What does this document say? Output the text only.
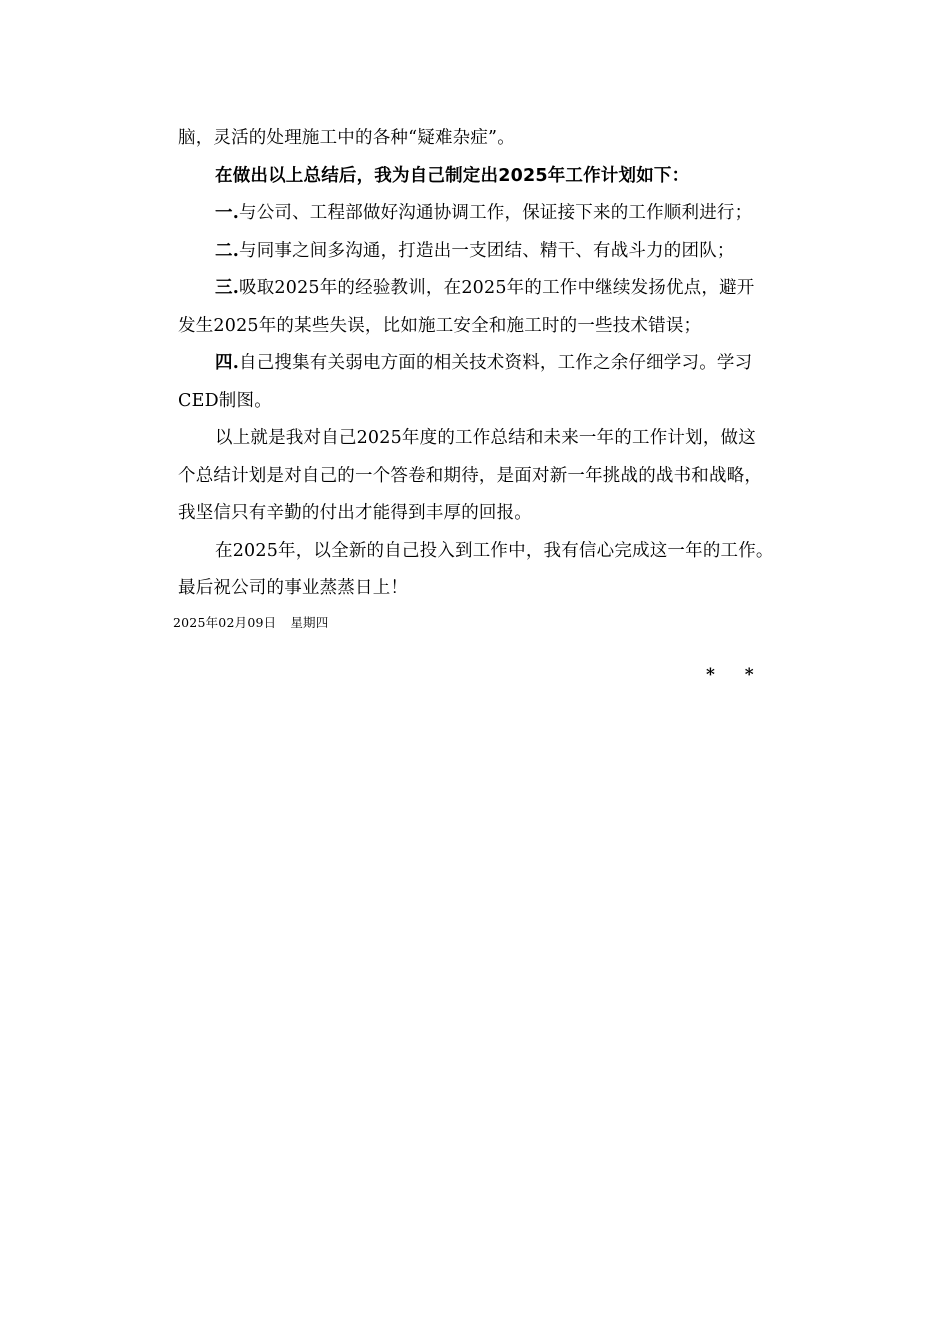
脑，灵活的处理施工中的各种“疑难杂症”。
在做出以上总结后，我为自己制定出2025年工作计划如下：
一.与公司、工程部做好沟通协调工作，保证接下来的工作顺利进行；
二.与同事之间多沟通，打造出一支团结、精干、有战斗力的团队；
三.吸取2025年的经验教训，在2025年的工作中继续发扬优点，避开
发生2025年的某些失误，比如施工安全和施工时的一些技术错误；
四.自己搜集有关弱电方面的相关技术资料，工作之余仔细学习。学习
CED制图。
以上就是我对自己2025年度的工作总结和未来一年的工作计划，做这
个总结计划是对自己的一个答卷和期待，是面对新一年挑战的战书和战略，
我坚信只有辛勤的付出才能得到丰厚的回报。
在2025年，以全新的自己投入到工作中，我有信心完成这一年的工作。
最后祝公司的事业蒸蒸日上！
2025年02月09日 星期四
* *
